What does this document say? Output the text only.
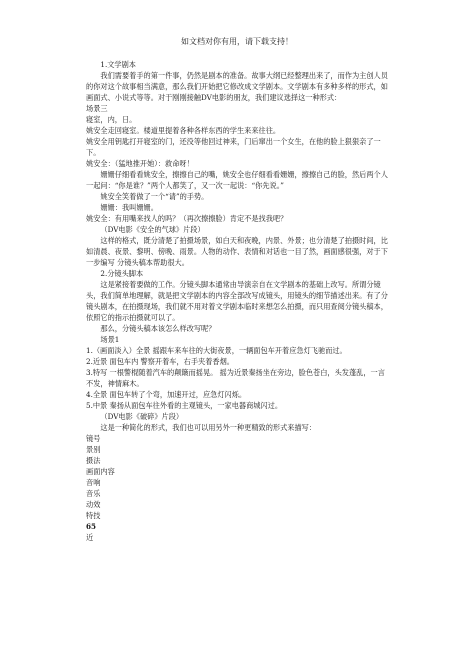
如文档对你有用，请下载支持！

1.文学剧本

我们需要着手的第一件事，仍然是剧本的准备。故事大纲已经整理出来了，而作为主创人员的你对这个故事相当满意，那么我们开始把它修改成文学剧本。文学剧本有多种多样的形式，如画面式、小说式等等。对于刚刚接触DV电影的朋友，我们建议选择这一种形式：

场景三

寝室，内，日。

姚安全走回寝室。楼道里提着各种各样东西的学生来来往往。

姚安全用钥匙打开寝室的门，还没等他回过神来，门后窜出一个女生，在他的脸上狠狠亲了一下。

姚安全：（猛地推开她）：救命呀！

姗姗仔细看看姚安全，擦擦自己的嘴，姚安全也仔细看看姗姗，擦擦自己的脸，然后两个人一起问：“你是谁？”两个人都笑了，又一次一起说：“你先说。”

姚安全笑着做了一个“请”的手势。

姗姗：我叫姗姗。

姚安全：有用嘴来找人的吗？（再次擦擦脸）肯定不是找我吧？

（DV电影《安全的气球》片段）

这样的格式，既分清楚了拍摄场景，如白天和夜晚，内景、外景；也分清楚了拍摄时间，比如清晨、夜景、黎明、傍晚、雨景。人物的动作、表情和对话也一目了然，画面感很强，对于下一步编写 分镜头稿本帮助很大。

2.分镜头脚本

这是紧接着要做的工作。分镜头脚本通常由导演亲自在文学剧本的基础上改写。所谓分镜头，我们简单地理解，就是把文学剧本的内容全部改写成镜头，用镜头的细节描述出来。有了分镜头剧本，在拍摄现场，我们就不用对着文学剧本临时来想怎么拍摄，而只用查阅分镜头稿本，依照它的指示拍摄就可以了。

那么，分镜头稿本该怎么样改写呢？

场景1

1.（画面淡入）全景 摇跟车来车往的大街夜景，一辆面包车开着应急灯飞驰而过。

2.近景 面包车内 警察开着车，右手夹着香烟。

3.特写 一根警棍随着汽车的颠簸而摇晃。 摇为近景秦扬坐在旁边，脸色苍白，头发蓬乱，一言不发，神情麻木。

4.全景 面包车转了个弯，加速开过，应急灯闪烁。

5.中景 秦扬从面包车往外看的主观镜头，一家电器商城闪过。

（DV电影《破碎》片段）

这是一种简化的形式，我们也可以用另外一种更精致的形式来描写：

镜号

景别

摄法

画面内容

音响

音乐

动效

特技

65

近
